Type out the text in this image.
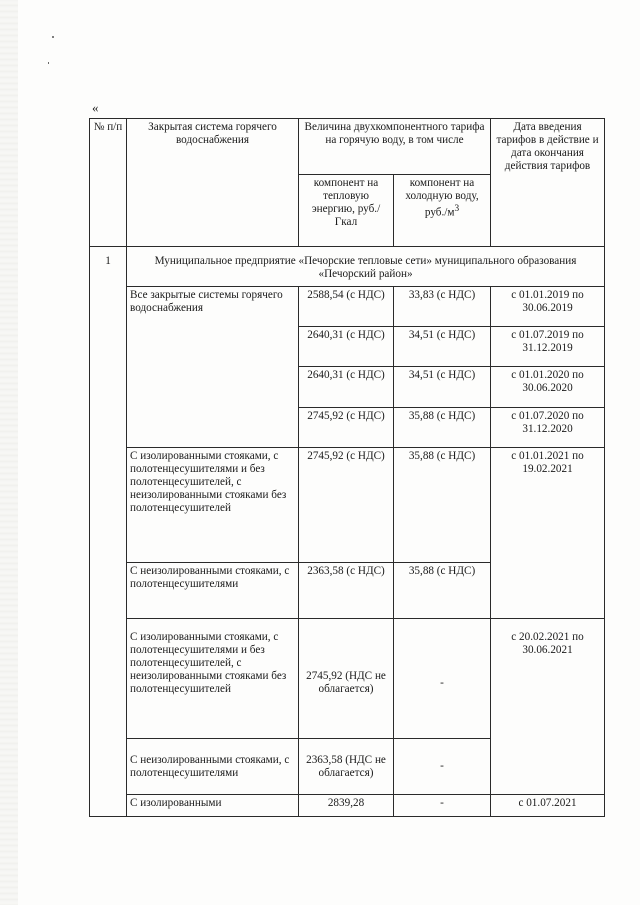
«
№ п/п	Закрытая система горячего водоснабжения	Величина двухкомпонентного тарифа на горячую воду, в том числе		Дата введения тарифов в действие и дата окончания действия тарифов
		компонент на тепловую энергию, руб./Гкал	компонент на холодную воду, $руб./м^3$
1	Муниципальное предприятие «Печорские тепловые сети» муниципального образования «Печорский район»			
	Все закрытые системы горячего водоснабжения	2588,54 (с НДС)	33,83 (с НДС)	с 01.01.2019 по 30.06.2019
		2640,31 (с НДС)	34,51 (с НДС)	с 01.07.2019 по 31.12.2019
		2640,31 (с НДС)	34,51 (с НДС)	с 01.01.2020 по 30.06.2020
		2745,92 (с НДС)	35,88 (с НДС)	с 01.07.2020 по 31.12.2020
	С изолированными стояками, с полотенцесушителями и без полотенцесушителей, с неизолированными стояками без полотенцесушителей	2745,92 (с НДС)	35,88 (с НДС)	с 01.01.2021 по 19.02.2021
	С неизолированными стояками, с полотенцесушителями	2363,58 (с НДС)	35,88 (с НДС)	

	С изолированными стояками, с полотенцесушителями и без полотенцесушителей, с неизолированными стояками без полотенцесушителей	2745,92 (НДС не облагается)	-	с 20.02.2021 по 30.06.2021
	С неизолированными стояками, с полотенцесушителями	2363,58 (НДС не облагается)	-	
	С изолированными	2839,28	-	с 01.07.2021
